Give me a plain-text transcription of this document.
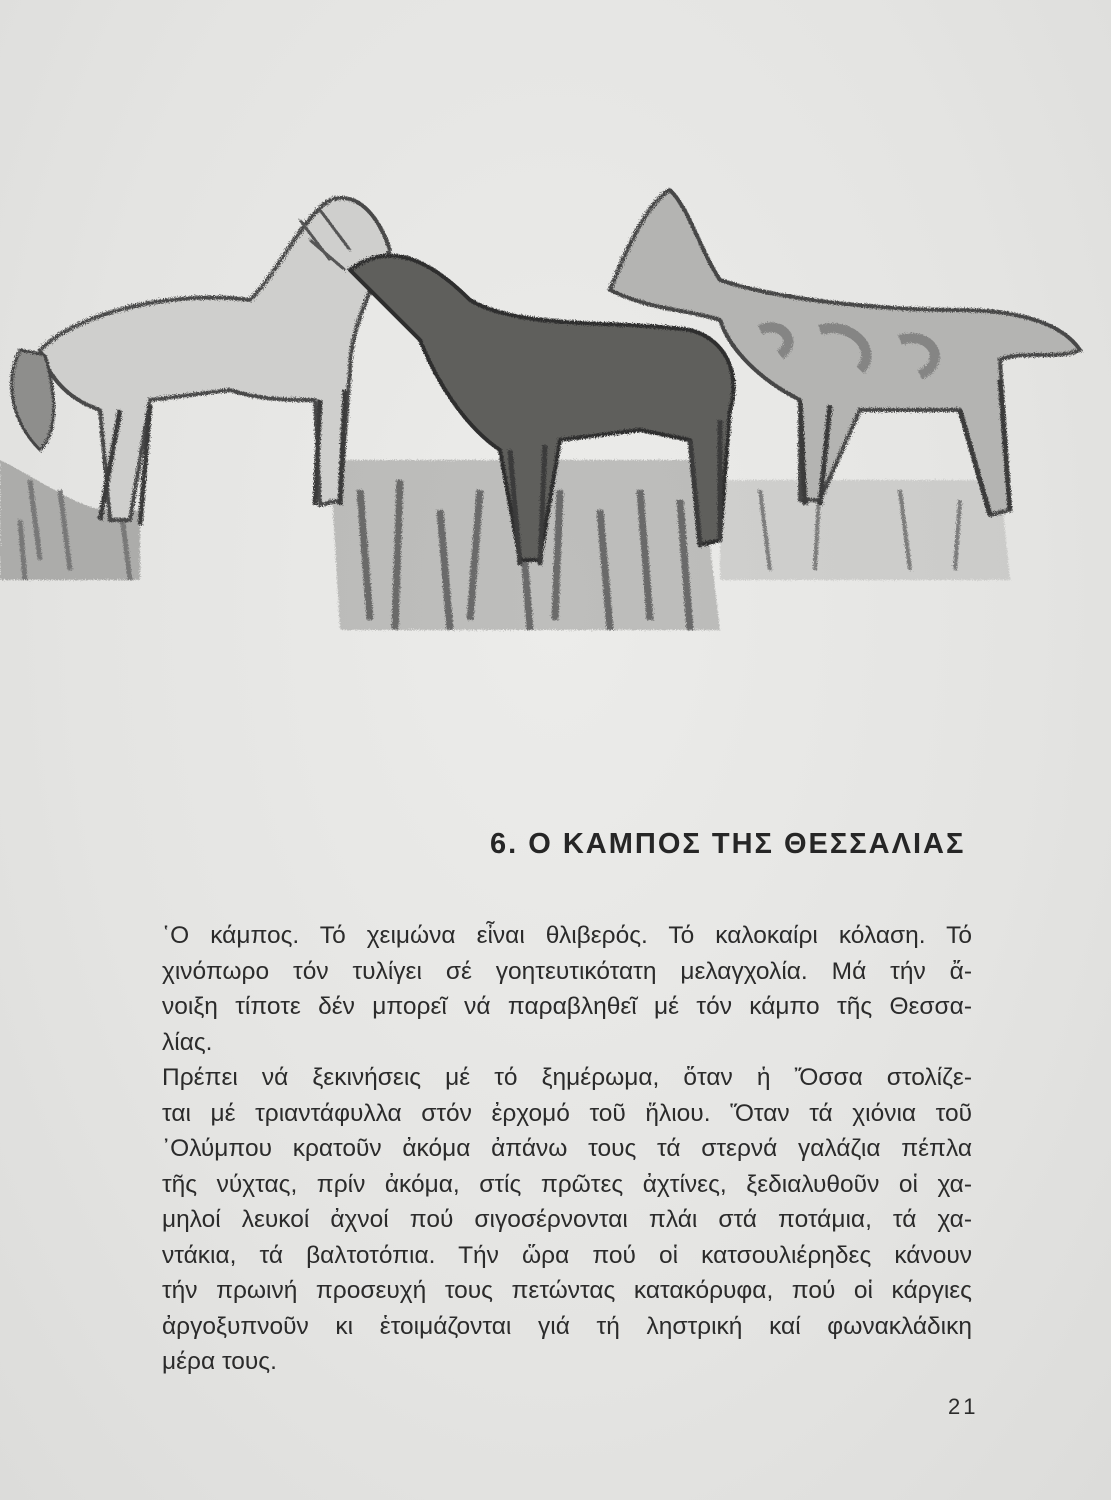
6. Ο ΚΑΜΠΟΣ ΤΗΣ ΘΕΣΣΑΛΙΑΣ

῾Ο κάμπος. Τό χειμώνα εἶναι θλιβερός. Τό καλοκαίρι κόλαση. Τό

χινόπωρο τόν τυλίγει σέ γοητευτικότατη μελαγχολία. Μά τήν ἄ-

νοιξη τίποτε δέν μπορεῖ νά παραβληθεῖ μέ τόν κάμπο τῆς Θεσσα-

λίας.

Πρέπει νά ξεκινήσεις μέ τό ξημέρωμα, ὅταν ἡ Ὄσσα στολίζε-

ται μέ τριαντάφυλλα στόν ἐρχομό τοῦ ἥλιου. Ὅταν τά χιόνια τοῦ

᾿Ολύμπου κρατοῦν ἀκόμα ἀπάνω τους τά στερνά γαλάζια πέπλα

τῆς νύχτας, πρίν ἀκόμα, στίς πρῶτες ἀχτίνες, ξεδιαλυθοῦν οἱ χα-

μηλοί λευκοί ἀχνοί πού σιγοσέρνονται πλάι στά ποτάμια, τά χα-

ντάκια, τά βαλτοτόπια. Τήν ὥρα πού οἱ κατσουλιέρηδες κάνουν

τήν πρωινή προσευχή τους πετώντας κατακόρυφα, πού οἱ κάργιες

ἀργοξυπνοῦν κι ἑτοιμάζονται γιά τή ληστρική καί φωνακλάδικη

μέρα τους.

21
